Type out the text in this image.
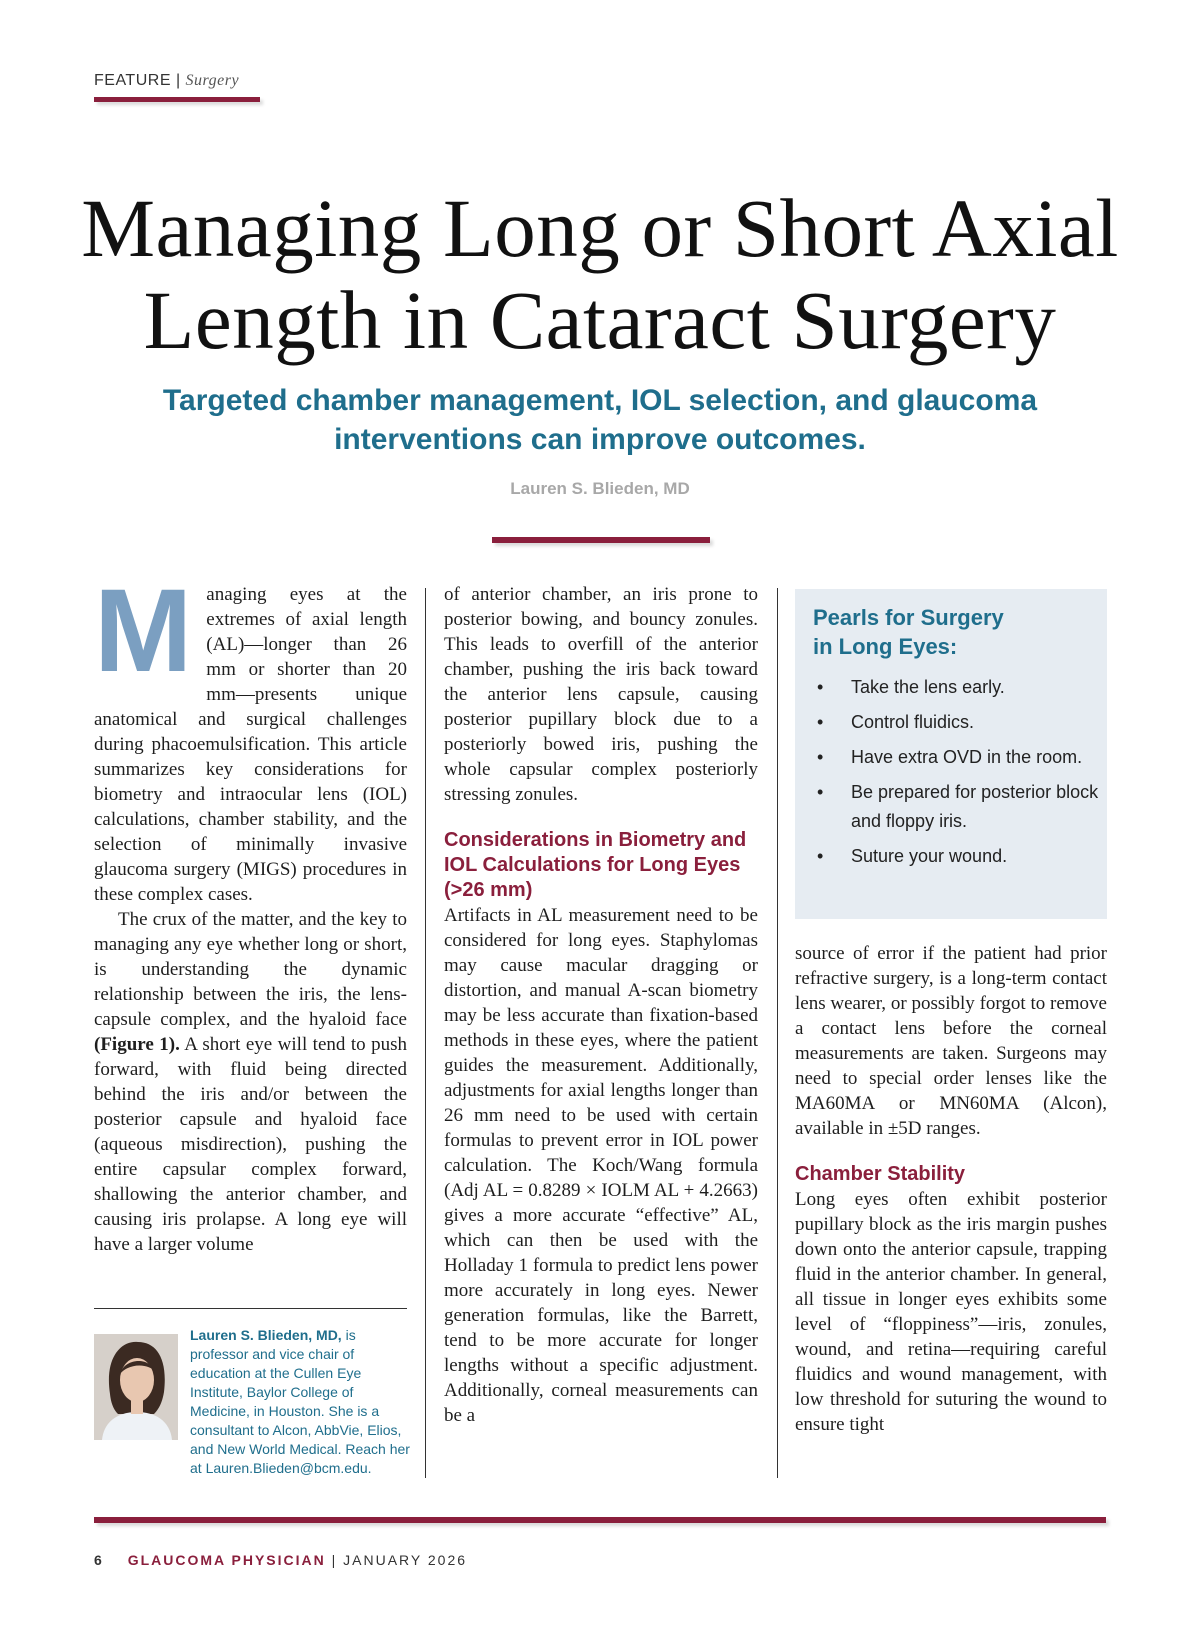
FEATURE | Surgery
Managing Long or Short Axial Length in Cataract Surgery
Targeted chamber management, IOL selection, and glaucoma interventions can improve outcomes.
Lauren S. Blieden, MD

Managing eyes at the extremes of axial length (AL)—longer than 26 mm or shorter than 20 mm—presents unique anatomical and surgical challenges during phacoemulsification. This article summarizes key considerations for biometry and intraocular lens (IOL) calculations, chamber stability, and the selection of minimally invasive glaucoma surgery (MIGS) procedures in these complex cases.

The crux of the matter, and the key to managing any eye whether long or short, is understanding the dynamic relationship between the iris, the lens-capsule complex, and the hyaloid face (Figure 1). A short eye will tend to push forward, with fluid being directed behind the iris and/or between the posterior capsule and hyaloid face (aqueous misdirection), pushing the entire capsular complex forward, shallowing the anterior chamber, and causing iris prolapse. A long eye will have a larger volume

Lauren S. Blieden, MD, is professor and vice chair of education at the Cullen Eye Institute, Baylor College of Medicine, in Houston. She is a consultant to Alcon, AbbVie, Elios, and New World Medical. Reach her at Lauren.Blieden@bcm.edu.

of anterior chamber, an iris prone to posterior bowing, and bouncy zonules. This leads to overfill of the anterior chamber, pushing the iris back toward the anterior lens capsule, causing posterior pupillary block due to a posteriorly bowed iris, pushing the whole capsular complex posteriorly stressing zonules.

Considerations in Biometry and IOL Calculations for Long Eyes (>26 mm)

Artifacts in AL measurement need to be considered for long eyes. Staphylomas may cause macular dragging or distortion, and manual A-scan biometry may be less accurate than fixation-based methods in these eyes, where the patient guides the measurement. Additionally, adjustments for axial lengths longer than 26 mm need to be used with certain formulas to prevent error in IOL power calculation. The Koch/Wang formula (Adj AL = 0.8289 × IOLM AL + 4.2663) gives a more accurate “effective” AL, which can then be used with the Holladay 1 formula to predict lens power more accurately in long eyes. Newer generation formulas, like the Barrett, tend to be more accurate for longer lengths without a specific adjustment. Additionally, corneal measurements can be a

Pearls for Surgery
in Long Eyes:
• Take the lens early.
• Control fluidics.
• Have extra OVD in the room.
• Be prepared for posterior block and floppy iris.
• Suture your wound.

source of error if the patient had prior refractive surgery, is a long-term contact lens wearer, or possibly forgot to remove a contact lens before the corneal measurements are taken. Surgeons may need to special order lenses like the MA60MA or MN60MA (Alcon), available in ±5D ranges.

Chamber Stability

Long eyes often exhibit posterior pupillary block as the iris margin pushes down onto the anterior capsule, trapping fluid in the anterior chamber. In general, all tissue in longer eyes exhibits some level of “floppiness”—iris, zonules, wound, and retina—requiring careful fluidics and wound management, with low threshold for suturing the wound to ensure tight

6 GLAUCOMA PHYSICIAN | JANUARY 2026
